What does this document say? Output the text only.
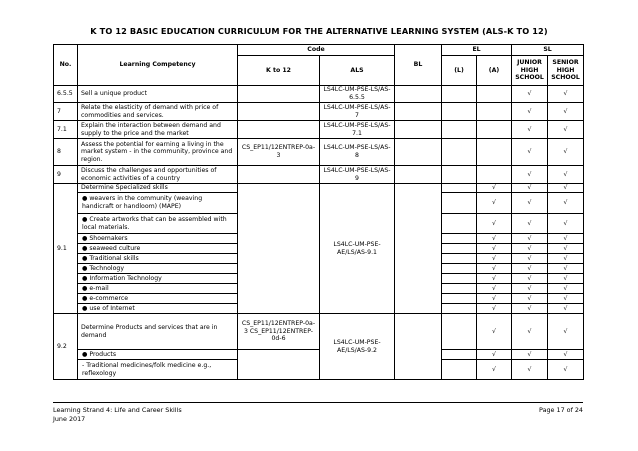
K TO 12 BASIC EDUCATION CURRICULUM FOR THE ALTERNATIVE LEARNING SYSTEM (ALS-K TO 12)
No.	Learning Competency	Code		BL	EL		SL	
		K to 12	ALS		(L)	(A)	JUNIOR HIGH SCHOOL	SENIOR HIGH SCHOOL
6.5.5	Sell a unique product		LS4LC-UM-PSE-LS/AS-6.5.5				√	√
7	Relate the elasticity of demand with price of commodities and services.		LS4LC-UM-PSE-LS/AS-7				√	√
7.1	Explain the interaction between demand and supply to the price and the market		LS4LC-UM-PSE-LS/AS-7.1				√	√
8	Assess the potential for earning a living in the market system - in the community, province and region.	CS_EP11/12ENTREP-0a-3	LS4LC-UM-PSE-LS/AS-8				√	√
9	Discuss the challenges and opportunities of economic activities of a country		LS4LC-UM-PSE-LS/AS-9				√	√
9.1	Determine Specialized skills		LS4LC-UM-PSE-AE/LS/AS-9.1			√	√	√
	● weavers in the community (weaving handicraft or handloom) (MAPE)					√	√	√
	● Create artworks that can be assembled with local materials.					√	√	√
	● Shoemakers					√	√	√
	● seaweed culture					√	√	√
	● Traditional skills					√	√	√
	● Technology					√	√	√
	● Information Technology					√	√	√
	● e-mail					√	√	√
	● e-commerce					√	√	√
	● use of Internet					√	√	√
9.2	Determine Products and services that are in demand	CS_EP11/12ENTREP-0a-3 CS_EP11/12ENTREP-0d-6	LS4LC-UM-PSE-AE/LS/AS-9.2			√	√	√
	● Products					√	√	√
	- Traditional medicines/folk medicine e.g., reflexology					√	√	√
Learning Strand 4: Life and Career Skills
June 2017
Page 17 of 24
